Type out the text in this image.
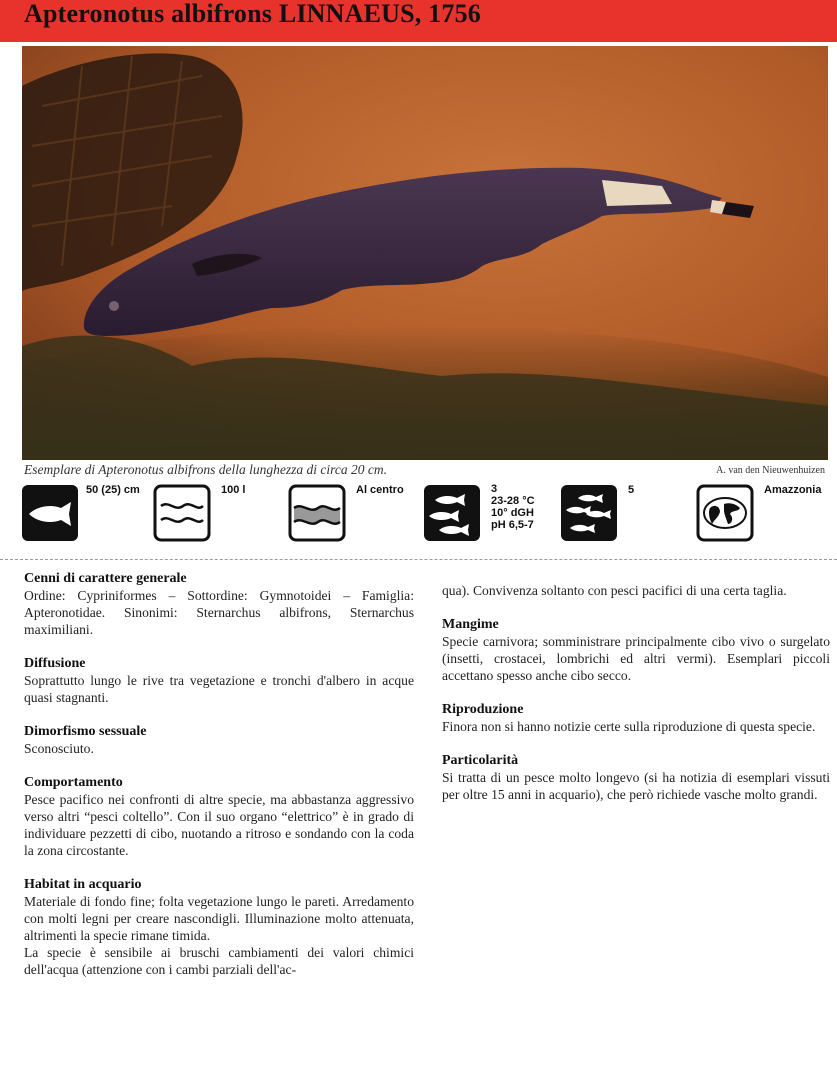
Apteronotus albifrons LINNAEUS, 1756
Esemplare di Apteronotus albifrons della lunghezza di circa 20 cm.	A. van den Nieuwenhuizen
50 (25) cm	100 l	Al centro	3
23-28 °C
10° dGH
pH 6,5-7
5	Amazzonia
Cenni di carattere generale

Ordine: Cypriniformes – Sottordine: Gymnotoidei – Famiglia: Apteronotidae. Sinonimi: Sternarchus albifrons, Sternarchus maximiliani.

Diffusione

Soprattutto lungo le rive tra vegetazione e tronchi d'albero in acque quasi stagnanti.

Dimorfismo sessuale

Sconosciuto.

Comportamento

Pesce pacifico nei confronti di altre specie, ma abbastanza aggressivo verso altri “pesci coltello”. Con il suo organo “elettrico” è in grado di individuare pezzetti di cibo, nuotando a ritroso e sondando con la coda la zona circostante.

Habitat in acquario

Materiale di fondo fine; folta vegetazione lungo le pareti. Arredamento con molti legni per creare nascondigli. Illuminazione molto attenuata, altrimenti la specie rimane timida.

La specie è sensibile ai bruschi cambiamenti dei valori chimici dell'acqua (attenzione con i cambi parziali dell'ac-

qua). Convivenza soltanto con pesci pacifici di una certa taglia.

Mangime

Specie carnivora; somministrare principalmente cibo vivo o surgelato (insetti, crostacei, lombrichi ed altri vermi). Esemplari piccoli accettano spesso anche cibo secco.

Riproduzione

Finora non si hanno notizie certe sulla riproduzione di questa specie.

Particolarità

Si tratta di un pesce molto longevo (si ha notizia di esemplari vissuti per oltre 15 anni in acquario), che però richiede vasche molto grandi.
